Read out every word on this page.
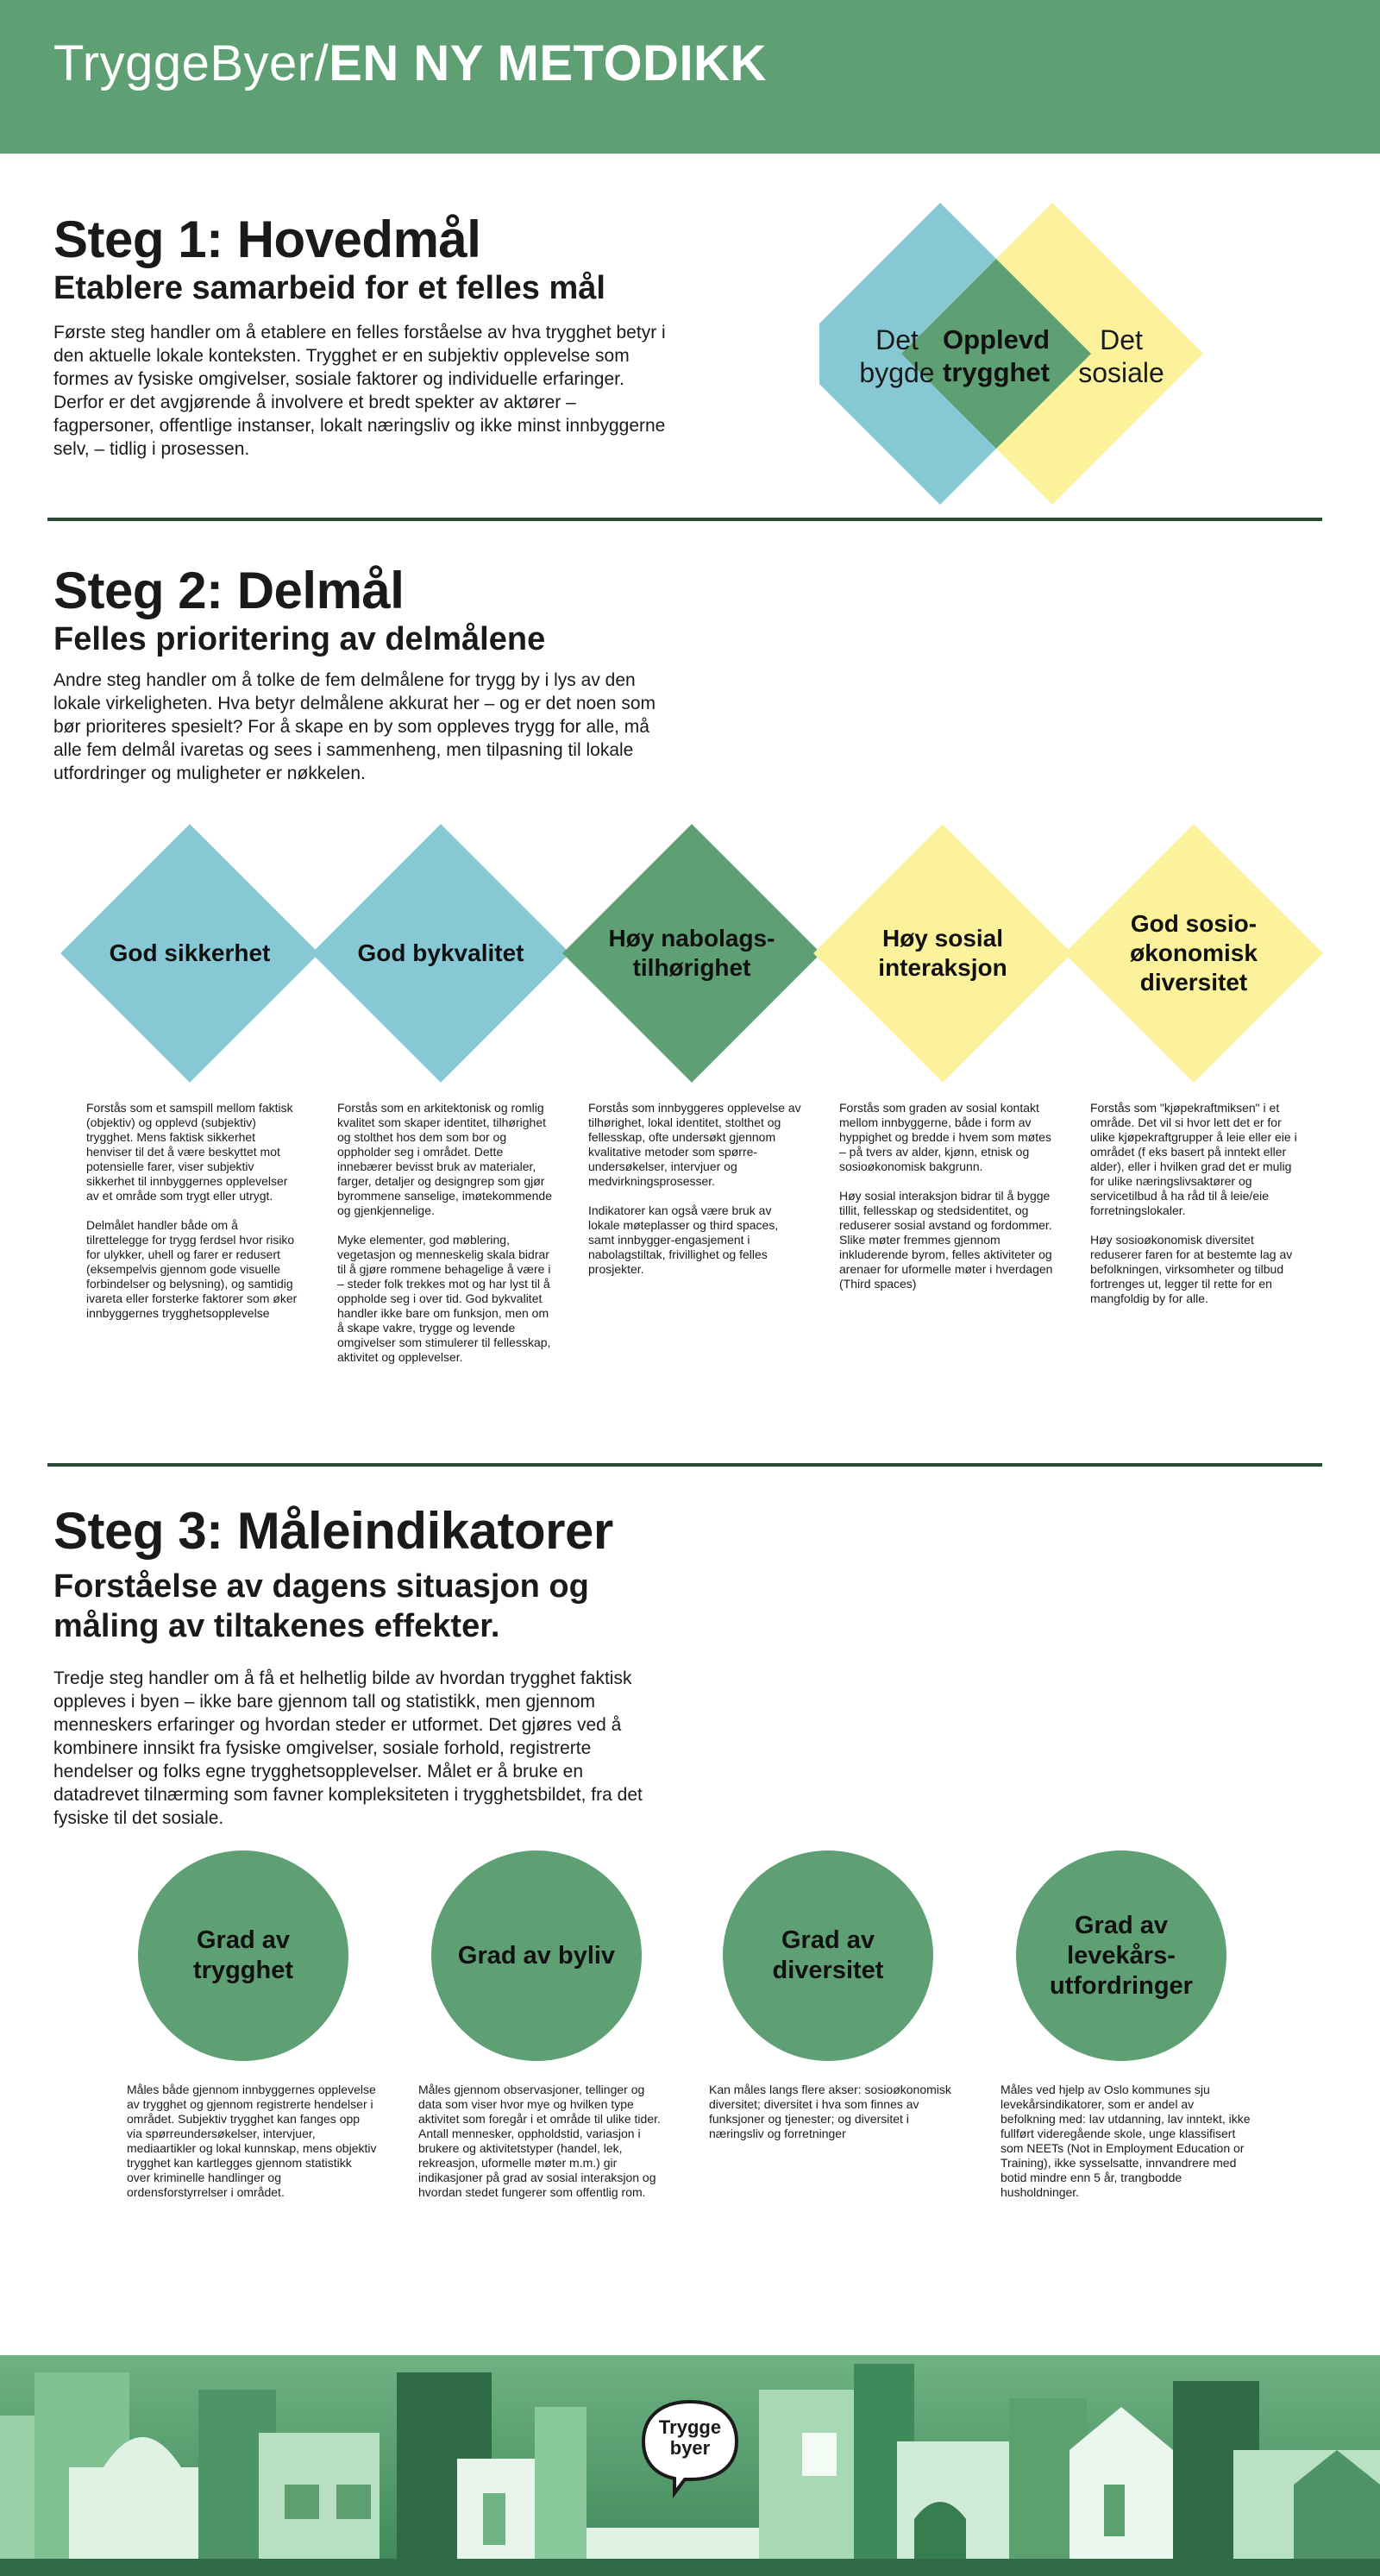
TryggeByer/EN NY METODIKK
Steg 1: Hovedmål
Etablere samarbeid for et felles mål
Første steg handler om å etablere en felles forståelse av hva trygghet betyr i den aktuelle lokale konteksten. Trygghet er en subjektiv opplevelse som formes av fysiske omgivelser, sosiale faktorer og individuelle erfaringer. Derfor er det avgjørende å involvere et bredt spekter av aktører – fagpersoner, offentlige instanser, lokalt næringsliv og ikke minst innbyggerne selv, – tidlig i prosessen.
Det
bygde
Opplevd
trygghet
Det
sosiale
Steg 2: Delmål
Felles prioritering av delmålene
Andre steg handler om å tolke de fem delmålene for trygg by i lys av den lokale virkeligheten. Hva betyr delmålene akkurat her – og er det noen som bør prioriteres spesielt? For å skape en by som oppleves trygg for alle, må alle fem delmål ivaretas og sees i sammenheng, men tilpasning til lokale utfordringer og muligheter er nøkkelen.
God sikkerhet	God bykvalitet
Høy nabolags-tilhørighet
Høy sosial interaksjon
God sosio-økonomisk diversitet

Forstås som et samspill mellom faktisk (objektiv) og opplevd (subjektiv) trygghet. Mens faktisk sikkerhet henviser til det å være beskyttet mot potensielle farer, viser subjektiv sikkerhet til innbyggernes opplevelser av et område som trygt eller utrygt.

Delmålet handler både om å tilrettelegge for trygg ferdsel hvor risiko for ulykker, uhell og farer er redusert (eksempelvis gjennom gode visuelle forbindelser og belysning), og samtidig ivareta eller forsterke faktorer som øker innbyggernes trygghetsopplevelse

Forstås som en arkitektonisk og romlig kvalitet som skaper identitet, tilhørighet og stolthet hos dem som bor og oppholder seg i området. Dette innebærer bevisst bruk av materialer, farger, detaljer og designgrep som gjør byrommene sanselige, imøtekommende og gjenkjennelige.

Myke elementer, god møblering, vegetasjon og menneskelig skala bidrar til å gjøre rommene behagelige å være i – steder folk trekkes mot og har lyst til å oppholde seg i over tid. God bykvalitet handler ikke bare om funksjon, men om å skape vakre, trygge og levende omgivelser som stimulerer til fellesskap, aktivitet og opplevelser.

Forstås som innbyggeres opplevelse av tilhørighet, lokal identitet, stolthet og fellesskap, ofte undersøkt gjennom kvalitative metoder som spørre-undersøkelser, intervjuer og medvirkningsprosesser.

Indikatorer kan også være bruk av lokale møteplasser og third spaces, samt innbygger-engasjement i nabolagstiltak, frivillighet og felles prosjekter.

Forstås som graden av sosial kontakt mellom innbyggerne, både i form av hyppighet og bredde i hvem som møtes – på tvers av alder, kjønn, etnisk og sosioøkonomisk bakgrunn.

Høy sosial interaksjon bidrar til å bygge tillit, fellesskap og stedsidentitet, og reduserer sosial avstand og fordommer. Slike møter fremmes gjennom inkluderende byrom, felles aktiviteter og arenaer for uformelle møter i hverdagen (Third spaces)

Forstås som "kjøpekraftmiksen" i et område. Det vil si hvor lett det er for ulike kjøpekraftgrupper å leie eller eie i området (f eks basert på inntekt eller alder), eller i hvilken grad det er mulig for ulike næringslivsaktører og servicetilbud å ha råd til å leie/eie forretningslokaler.

Høy sosioøkonomisk diversitet reduserer faren for at bestemte lag av befolkningen, virksomheter og tilbud fortrenges ut, legger til rette for en mangfoldig by for alle.

Steg 3: Måleindikatorer
Forståelse av dagens situasjon og
måling av tiltakenes effekter.
Tredje steg handler om å få et helhetlig bilde av hvordan trygghet faktisk oppleves i byen – ikke bare gjennom tall og statistikk, men gjennom menneskers erfaringer og hvordan steder er utformet. Det gjøres ved å kombinere innsikt fra fysiske omgivelser, sosiale forhold, registrerte hendelser og folks egne trygghetsopplevelser. Målet er å bruke en datadrevet tilnærming som favner kompleksiteten i trygghetsbildet, fra det fysiske til det sosiale.
Grad av trygghet
Grad av byliv
Grad av diversitet
Grad av levekårs-utfordringer
Måles både gjennom innbyggernes opplevelse av trygghet og gjennom registrerte hendelser i området. Subjektiv trygghet kan fanges opp via spørreundersøkelser, intervjuer, mediaartikler og lokal kunnskap, mens objektiv trygghet kan kartlegges gjennom statistikk over kriminelle handlinger og ordensforstyrrelser i området.
Måles gjennom observasjoner, tellinger og data som viser hvor mye og hvilken type aktivitet som foregår i et område til ulike tider. Antall mennesker, oppholdstid, variasjon i brukere og aktivitetstyper (handel, lek, rekreasjon, uformelle møter m.m.) gir indikasjoner på grad av sosial interaksjon og hvordan stedet fungerer som offentlig rom.
Kan måles langs flere akser: sosioøkonomisk diversitet; diversitet i hva som finnes av funksjoner og tjenester; og diversitet i næringsliv og forretninger
Måles ved hjelp av Oslo kommunes sju levekårsindikatorer, som er andel av befolkning med: lav utdanning, lav inntekt, ikke fullført videregående skole, unge klassifisert som NEETs (Not in Employment Education or Training), ikke sysselsatte, innvandrere med botid mindre enn 5 år, trangbodde husholdninger.
Trygge
byer
